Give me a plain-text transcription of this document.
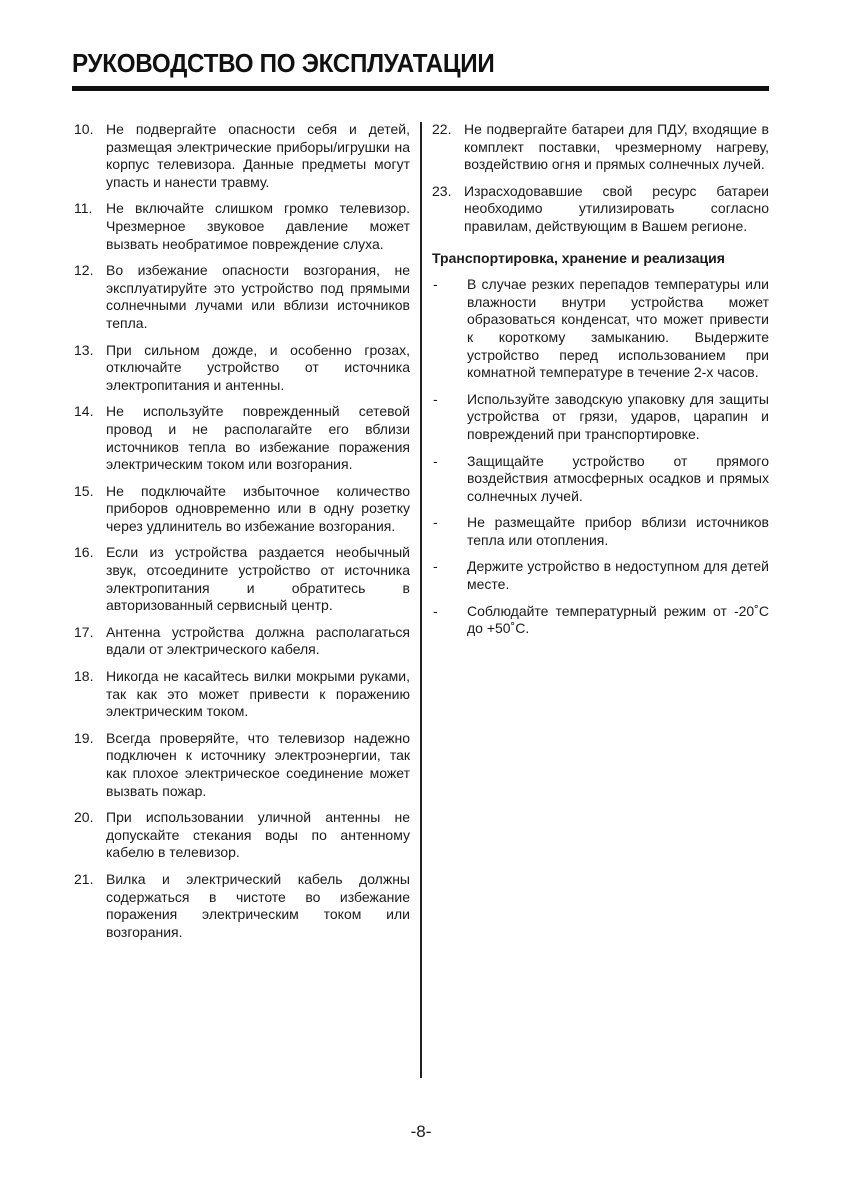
РУКОВОДСТВО ПО ЭКСПЛУАТАЦИИ
10. Не подвергайте опасности себя и детей, размещая электрические приборы/игрушки на корпус телевизора. Данные предметы могут упасть и нанести травму.
11. Не включайте слишком громко телевизор. Чрезмерное звуковое давление может вызвать необратимое повреждение слуха.
12. Во избежание опасности возгорания, не эксплуатируйте это устройство под прямыми солнечными лучами или вблизи источников тепла.
13. При сильном дожде, и особенно грозах, отключайте устройство от источника электропитания и антенны.
14. Не используйте поврежденный сетевой провод и не располагайте его вблизи источников тепла во избежание поражения электрическим током или возгорания.
15. Не подключайте избыточное количество приборов одновременно или в одну розетку через удлинитель во избежание возгорания.
16. Если из устройства раздается необычный звук, отсоедините устройство от источника электропитания и обратитесь в авторизованный сервисный центр.
17. Антенна устройства должна располагаться вдали от электрического кабеля.
18. Никогда не касайтесь вилки мокрыми руками, так как это может привести к поражению электрическим током.
19. Всегда проверяйте, что телевизор надежно подключен к источнику электроэнергии, так как плохое электрическое соединение может вызвать пожар.
20. При использовании уличной антенны не допускайте стекания воды по антенному кабелю в телевизор.
21. Вилка и электрический кабель должны содержаться в чистоте во избежание поражения электрическим током или возгорания.
22. Не подвергайте батареи для ПДУ, входящие в комплект поставки, чрезмерному нагреву, воздействию огня и прямых солнечных лучей.
23. Израсходовавшие свой ресурс батареи необходимо утилизировать согласно правилам, действующим в Вашем регионе.
Транспортировка, хранение и реализация
-	В случае резких перепадов температуры или влажности внутри устройства может образоваться конденсат, что может привести к короткому замыканию. Выдержите устройство перед использованием при комнатной температуре в течение 2-х часов.
-	Используйте заводскую упаковку для защиты устройства от грязи, ударов, царапин и повреждений при транспортировке.
-	Защищайте устройство от прямого воздействия атмосферных осадков и прямых солнечных лучей.
-	Не размещайте прибор вблизи источников тепла или отопления.
-	Держите устройство в недоступном для детей месте.
-	Соблюдайте температурный режим от -20˚С до +50˚С.
-8-
